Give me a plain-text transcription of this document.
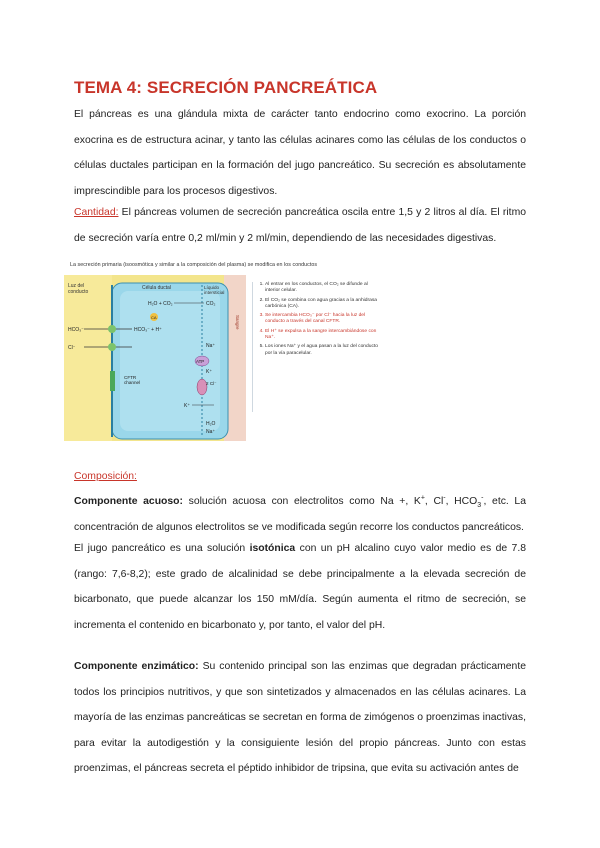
TEMA 4: SECRECIÓN PANCREÁTICA
El páncreas es una glándula mixta de carácter tanto endocrino como exocrino. La porción exocrina es de estructura acinar, y tanto las células acinares como las células de los conductos o células ductales participan en la formación del jugo pancreático. Su secreción es absolutamente imprescindible para los procesos digestivos.
Cantidad: El páncreas volumen de secreción pancreática oscila entre 1,5 y 2 litros al día. El ritmo de secreción varía entre 0,2 ml/min y 2 ml/min, dependiendo de las necesidades digestivas.
La secreción primaria (isoosmótica y similar a la composición del plasma) se modifica en los conductos
Luz del conducto
Célula ductal	Líquido intersticial
H₂O + CO₂	CO₂
CA
HCO₃⁻ + H⁺
HCO₃⁻
Cl⁻
CFTR channel
ATP
Na⁺
K⁺
2 Cl⁻
K⁺
H₂O
Na⁺
Sangre
1. Al entrar en los conductos, el CO₂ se difunde al interior celular.
2. El CO₂ se combina con agua gracias a la anhidrasa carbónica (CA).
3. Se intercambia HCO₃⁻ por Cl⁻ hacia la luz del conducto a través del canal CFTR.
4. El H⁺ se expulsa a la sangre intercambiándose con Na⁺.
5. Los iones Na⁺ y el agua pasan a la luz del conducto por la vía paracelular.
Composición:
Componente acuoso: solución acuosa con electrolitos como Na +, K+, Cl-, $HCO_3^-$, etc. La concentración de algunos electrolitos se ve modificada según recorre los conductos pancreáticos.
El jugo pancreático es una solución isotónica con un pH alcalino cuyo valor medio es de 7.8 (rango: 7,6-8,2); este grado de alcalinidad se debe principalmente a la elevada secreción de bicarbonato, que puede alcanzar los 150 mM/día. Según aumenta el ritmo de secreción, se incrementa el contenido en bicarbonato y, por tanto, el valor del pH.
Componente enzimático: Su contenido principal son las enzimas que degradan prácticamente todos los principios nutritivos, y que son sintetizados y almacenados en las células acinares. La mayoría de las enzimas pancreáticas se secretan en forma de zimógenos o proenzimas inactivas, para evitar la autodigestión y la consiguiente lesión del propio páncreas. Junto con estas proenzimas, el páncreas secreta el péptido inhibidor de tripsina, que evita su activación antes de
